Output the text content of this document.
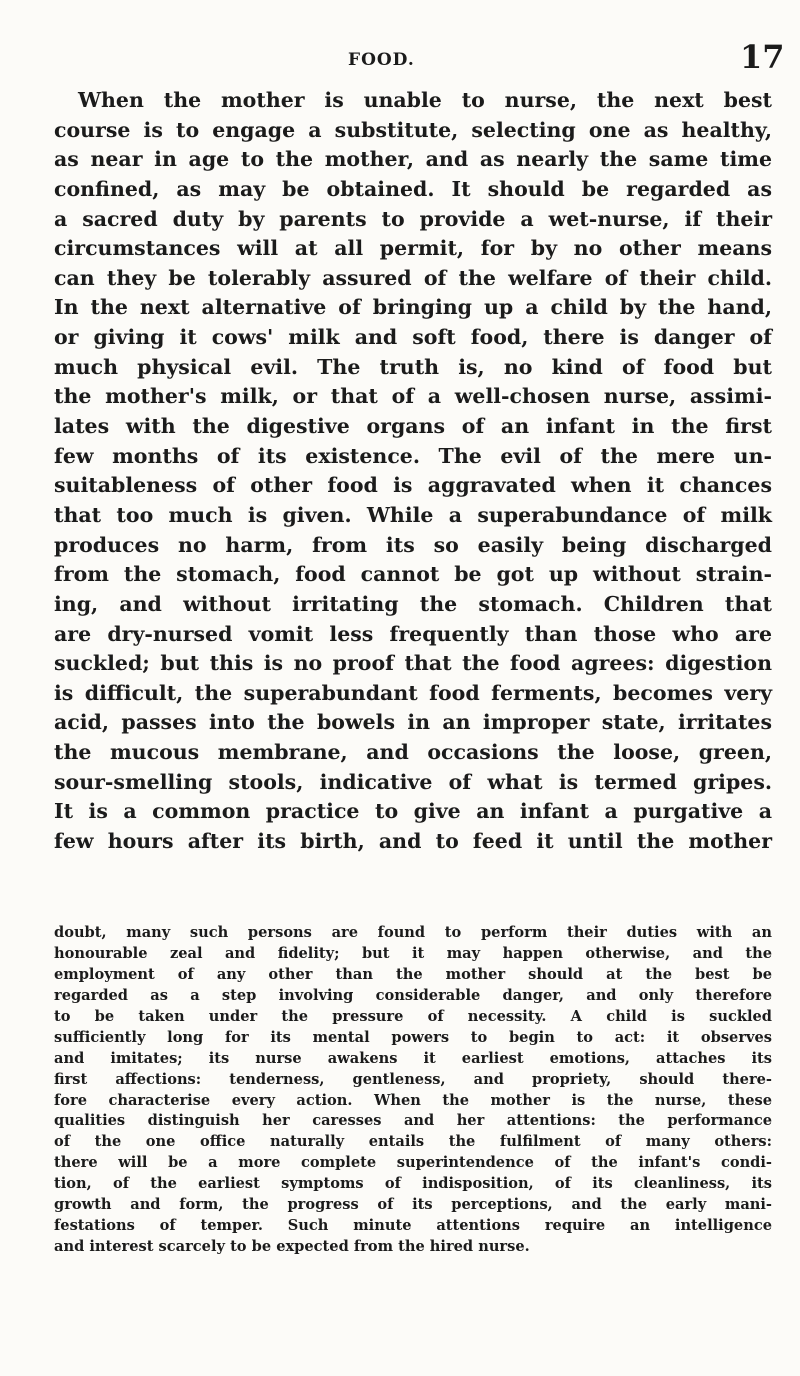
FOOD.	17
When the mother is unable to nurse, the next best
course is to engage a substitute, selecting one as healthy,
as near in age to the mother, and as nearly the same time
confined, as may be obtained. It should be regarded as
a sacred duty by parents to provide a wet-nurse, if their
circumstances will at all permit, for by no other means
can they be tolerably assured of the welfare of their child.
In the next alternative of bringing up a child by the hand,
or giving it cows' milk and soft food, there is danger of
much physical evil. The truth is, no kind of food but
the mother's milk, or that of a well-chosen nurse, assimi-
lates with the digestive organs of an infant in the first
few months of its existence. The evil of the mere un-
suitableness of other food is aggravated when it chances
that too much is given. While a superabundance of milk
produces no harm, from its so easily being discharged
from the stomach, food cannot be got up without strain-
ing, and without irritating the stomach. Children that
are dry-nursed vomit less frequently than those who are
suckled; but this is no proof that the food agrees: digestion
is difficult, the superabundant food ferments, becomes very
acid, passes into the bowels in an improper state, irritates
the mucous membrane, and occasions the loose, green,
sour-smelling stools, indicative of what is termed gripes.
It is a common practice to give an infant a purgative a
few hours after its birth, and to feed it until the mother
doubt, many such persons are found to perform their duties with an
honourable zeal and fidelity; but it may happen otherwise, and the
employment of any other than the mother should at the best be
regarded as a step involving considerable danger, and only therefore
to be taken under the pressure of necessity. A child is suckled
sufficiently long for its mental powers to begin to act: it observes
and imitates; its nurse awakens it earliest emotions, attaches its
first affections: tenderness, gentleness, and propriety, should there-
fore characterise every action. When the mother is the nurse, these
qualities distinguish her caresses and her attentions: the performance
of the one office naturally entails the fulfilment of many others:
there will be a more complete superintendence of the infant's condi-
tion, of the earliest symptoms of indisposition, of its cleanliness, its
growth and form, the progress of its perceptions, and the early mani-
festations of temper. Such minute attentions require an intelligence
and interest scarcely to be expected from the hired nurse.
